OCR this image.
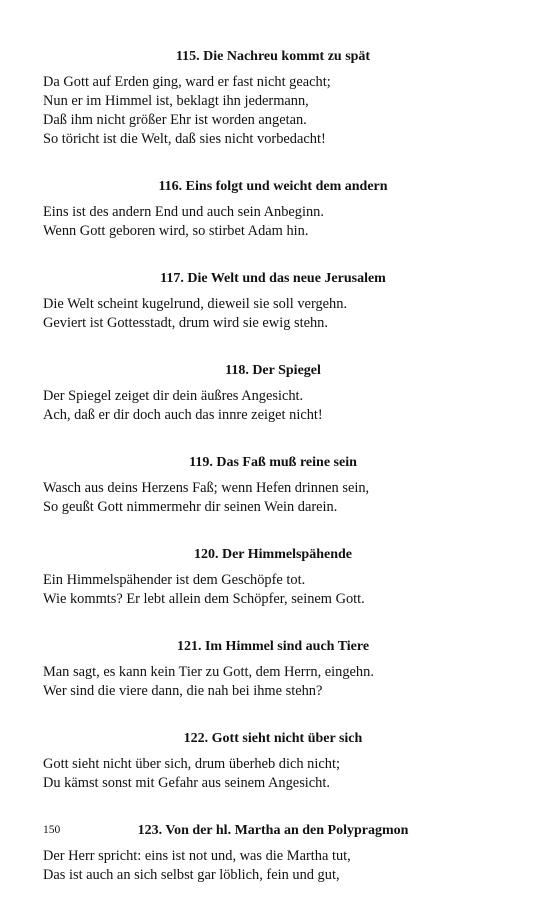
115. Die Nachreu kommt zu spät
Da Gott auf Erden ging, ward er fast nicht geacht;
Nun er im Himmel ist, beklagt ihn jedermann,
Daß ihm nicht größer Ehr ist worden angetan.
So töricht ist die Welt, daß sies nicht vorbedacht!
116. Eins folgt und weicht dem andern
Eins ist des andern End und auch sein Anbeginn.
Wenn Gott geboren wird, so stirbet Adam hin.
117. Die Welt und das neue Jerusalem
Die Welt scheint kugelrund, dieweil sie soll vergehn.
Geviert ist Gottesstadt, drum wird sie ewig stehn.
118. Der Spiegel
Der Spiegel zeiget dir dein äußres Angesicht.
Ach, daß er dir doch auch das innre zeiget nicht!
119. Das Faß muß reine sein
Wasch aus deins Herzens Faß; wenn Hefen drinnen sein,
So geußt Gott nimmermehr dir seinen Wein darein.
120. Der Himmelspähende
Ein Himmelspähender ist dem Geschöpfe tot.
Wie kommts? Er lebt allein dem Schöpfer, seinem Gott.
121. Im Himmel sind auch Tiere
Man sagt, es kann kein Tier zu Gott, dem Herrn, eingehn.
Wer sind die viere dann, die nah bei ihme stehn?
122. Gott sieht nicht über sich
Gott sieht nicht über sich, drum überheb dich nicht;
Du kämst sonst mit Gefahr aus seinem Angesicht.
123. Von der hl. Martha an den Polypragmon
Der Herr spricht: eins ist not und, was die Martha tut,
Das ist auch an sich selbst gar löblich, fein und gut,
150
